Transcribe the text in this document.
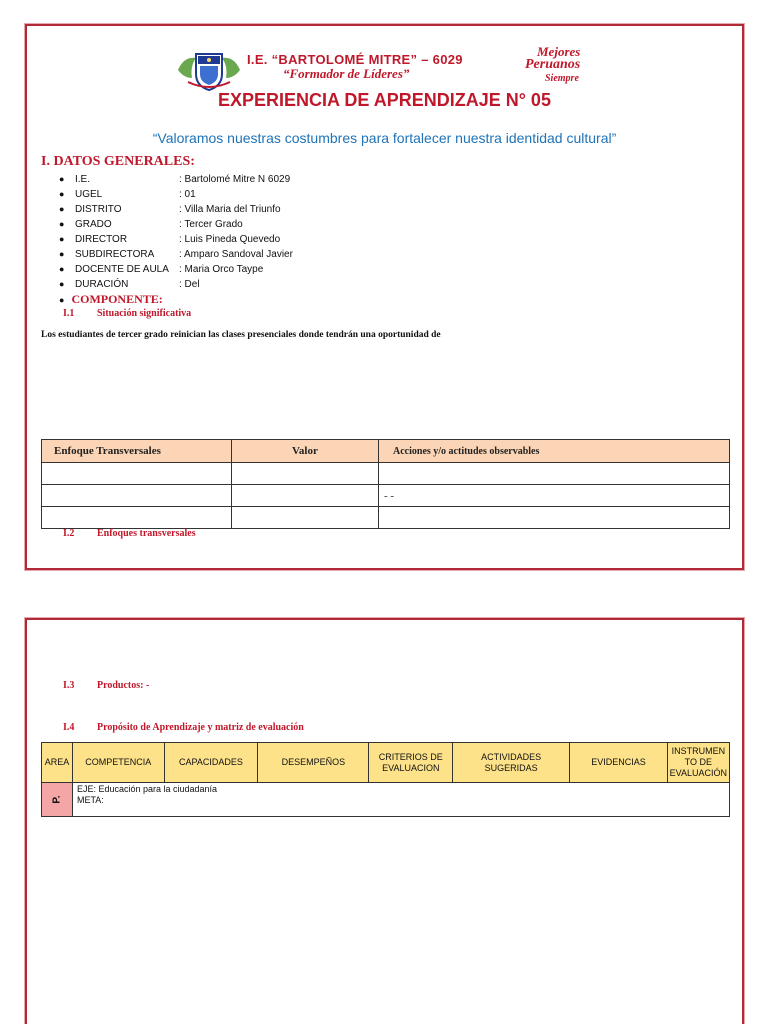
I.E. “BARTOLOMÉ MITRE” – 6029
“Formador de Líderes”
Mejores
Peruanos
Siempre
EXPERIENCIA DE APRENDIZAJE N° 05
“Valoramos nuestras costumbres para fortalecer nuestra identidad cultural”
I. DATOS GENERALES:
● I.E.	: Bartolomé Mitre N 6029
● UGEL	: 01
● DISTRITO	: Villa Maria del Triunfo
● GRADO	: Tercer Grado
● DIRECTOR	: Luis Pineda Quevedo
● SUBDIRECTORA : Amparo Sandoval Javier
● DOCENTE DE AULA : Maria Orco Taype
● DURACIÓN	: Del
● COMPONENTE:
I.1 Situación significativa
Los estudiantes de tercer grado reinician las clases presenciales donde tendrán una oportunidad de
Enfoque Transversales	Valor	Acciones y/o actitudes observables

		- -

I.2 Enfoques transversales
I.3 Productos: -
I.4 Propósito de Aprendizaje y matriz de evaluación
AREA	COMPETENCIA	CAPACIDADES	DESEMPEÑOS	CRITERIOS DE EVALUACION	ACTIVIDADES SUGERIDAS	EVIDENCIAS	INSTRUMEN TO DE EVALUACIÓN
P.	EJE: Educación para la ciudadanía
META:						
